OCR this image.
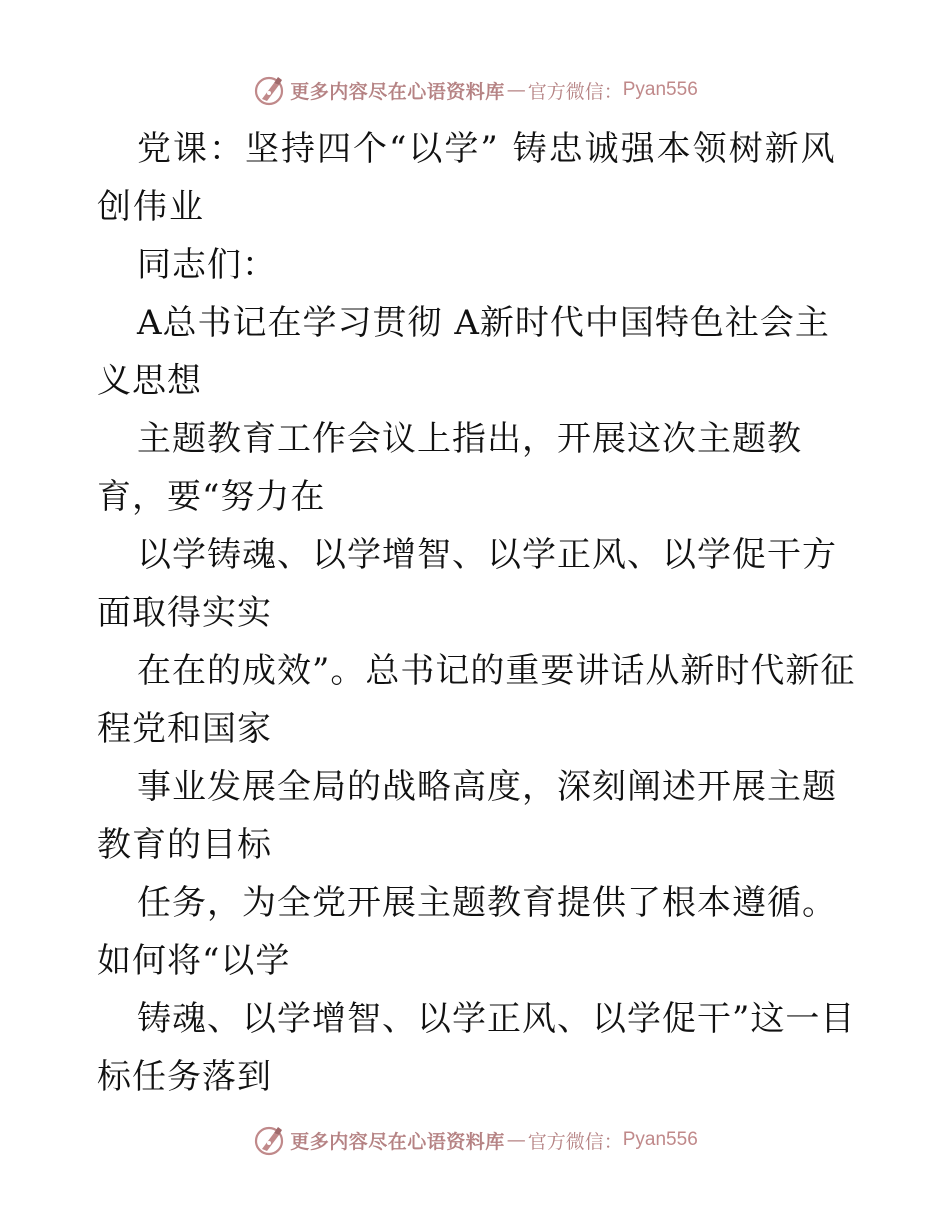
更多内容尽在心语资料库 — 官方微信： Pyan556

党课：坚持四个“以学” 铸忠诚强本领树新风创伟业

同志们：

A总书记在学习贯彻 A新时代中国特色社会主义思想

主题教育工作会议上指出，开展这次主题教育，要“努力在

以学铸魂、以学增智、以学正风、以学促干方面取得实实

在在的成效”。总书记的重要讲话从新时代新征程党和国家

事业发展全局的战略高度，深刻阐述开展主题教育的目标

任务，为全党开展主题教育提供了根本遵循。如何将“以学

铸魂、以学增智、以学正风、以学促干”这一目标任务落到

更多内容尽在心语资料库 — 官方微信： Pyan556
